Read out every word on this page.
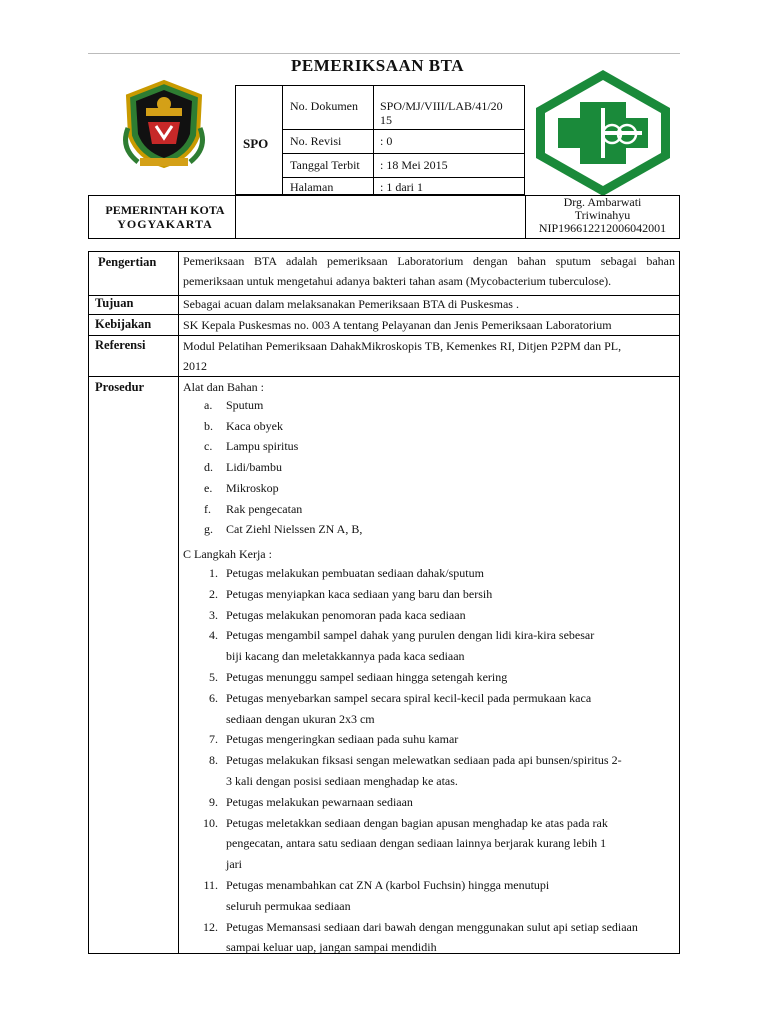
PEMERIKSAAN BTA
SPO
No. Dokumen SPO/MJ/VIII/LAB/41/20
15
No. Revisi	: 0
Tanggal Terbit : 18 Mei 2015
Halaman	: 1 dari 1
PEMERINTAH KOTA
YOGYAKARTA
Drg. Ambarwati
Triwinahyu
NIP196612212006042001
Pengertian Pemeriksaan BTA adalah pemeriksaan Laboratorium dengan bahan sputum sebagai bahan
pemeriksaan untuk mengetahui adanya bakteri tahan asam (Mycobacterium tuberculose).
Tujuan	Sebagai acuan dalam melaksanakan Pemeriksaan BTA di Puskesmas .
Kebijakan	SK Kepala Puskesmas no. 003 A tentang Pelayanan dan Jenis Pemeriksaan Laboratorium
Referensi	Modul Pelatihan Pemeriksaan DahakMikroskopis TB, Kemenkes RI, Ditjen P2PM dan PL,
2012
Prosedur	Alat dan Bahan :
a. Sputum
b. Kaca obyek
c. Lampu spiritus
d. Lidi/bambu
e. Mikroskop
f. Rak pengecatan
g. Cat Ziehl Nielssen ZN A, B,
C Langkah Kerja :
1. Petugas melakukan pembuatan sediaan dahak/sputum
2. Petugas menyiapkan kaca sediaan yang baru dan bersih
3. Petugas melakukan penomoran pada kaca sediaan
4. Petugas mengambil sampel dahak yang purulen dengan lidi kira-kira sebesar
biji kacang dan meletakkannya pada kaca sediaan
5. Petugas menunggu sampel sediaan hingga setengah kering
6. Petugas menyebarkan sampel secara spiral kecil-kecil pada permukaan kaca
sediaan dengan ukuran 2x3 cm
7. Petugas mengeringkan sediaan pada suhu kamar
8. Petugas melakukan fiksasi sengan melewatkan sediaan pada api bunsen/spiritus 2-
3 kali dengan posisi sediaan menghadap ke atas.
9. Petugas melakukan pewarnaan sediaan
10. Petugas meletakkan sediaan dengan bagian apusan menghadap ke atas pada rak
pengecatan, antara satu sediaan dengan sediaan lainnya berjarak kurang lebih 1
jari
11. Petugas menambahkan cat ZN A (karbol Fuchsin) hingga menutupi
seluruh permukaa sediaan
12. Petugas Memansasi sediaan dari bawah dengan menggunakan sulut api setiap sediaan
sampai keluar uap, jangan sampai mendidih
